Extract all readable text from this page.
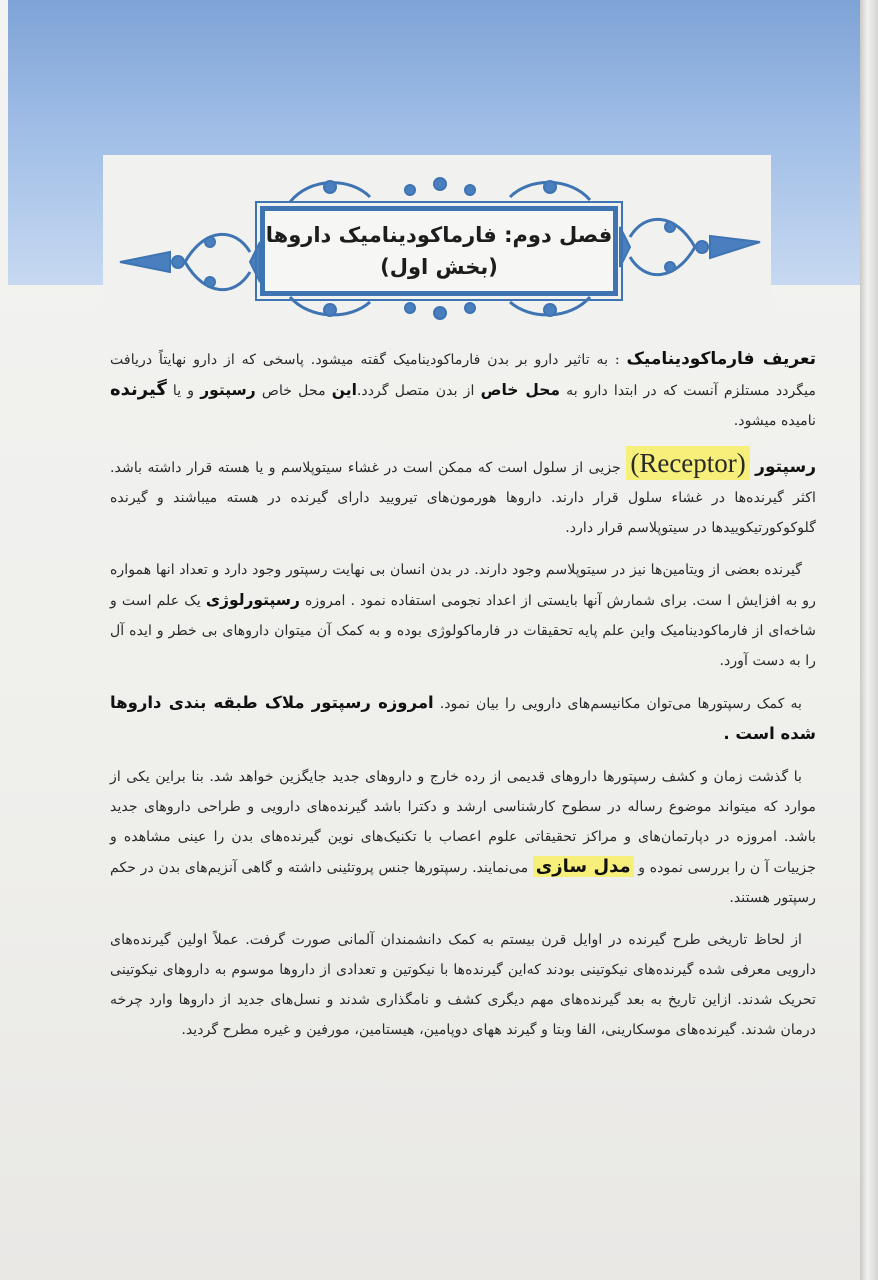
فصل دوم: فارماکودینامیک داروها
(بخش اول)

تعریف فارماکودینامیک : به تاثیر دارو بر بدن فارماکودینامیک گفته میشود. پاسخی که از دارو نهایتاً دریافت میگردد مستلزم آنست که در ابتدا دارو به محل خاص از بدن متصل گردد.این محل خاص رسپتور و یا گیرنده نامیده میشود.

رسپتور (Receptor) جزیی از سلول است که ممکن است در غشاء سیتوپلاسم و یا هسته قرار داشته باشد. اکثر گیرنده‌ها در غشاء سلول قرار دارند. داروها هورمون‌های تیرویید دارای گیرنده در هسته میباشند و گیرنده گلوکوکورتیکوییدها در سیتوپلاسم قرار دارد.

گیرنده بعضی از ویتامین‌ها نیز در سیتوپلاسم وجود دارند. در بدن انسان بی نهایت رسپتور وجود دارد و تعداد انها همواره رو به افزایش ا ست. برای شمارش آنها بایستی از اعداد نجومی استفاده نمود . امروزه رسپتورلوژی یک علم است و شاخه‌ای از فارماکودینامیک واین علم پایه تحقیقات در فارماکولوژی بوده و به کمک آن میتوان داروهای بی خطر و ایده آل را به دست آورد.

به کمک رسپتورها می‌توان مکانیسم‌های دارویی را بیان نمود. امروزه رسپتور ملاک طبقه بندی داروها شده است .

با گذشت زمان و کشف رسپتورها داروهای قدیمی از رده خارج و داروهای جدید جایگزین خواهد شد. بنا براین یکی از موارد که میتواند موضوع رساله در سطوح کارشناسی ارشد و دکترا باشد گیرنده‌های دارویی و طراحی داروهای جدید باشد. امروزه در دپارتمان‌های و مراکز تحقیقاتی علوم اعصاب با تکنیک‌های نوین گیرنده‌های بدن را عینی مشاهده و جزییات آ ن را بررسی نموده و مدل سازی می‌نمایند. رسپتورها جنس پروتئینی داشته و گاهی آنزیم‌های بدن در حکم رسپتور هستند.

از لحاظ تاریخی طرح گیرنده در اوایل قرن بیستم به کمک دانشمندان آلمانی صورت گرفت. عملاً اولین گیرنده‌های دارویی معرفی شده گیرنده‌های نیکوتینی بودند که‌این گیرنده‌ها با نیکوتین و تعدادی از داروها موسوم به داروهای نیکوتینی تحریک شدند. ازاین تاریخ به بعد گیرنده‌های مهم دیگری کشف و نامگذاری شدند و نسل‌های جدید از داروها وارد چرخه درمان شدند. گیرنده‌های موسکارینی، الفا وبتا و گیرند ههای دوپامین، هیستامین، مورفین و غیره مطرح گردید.
